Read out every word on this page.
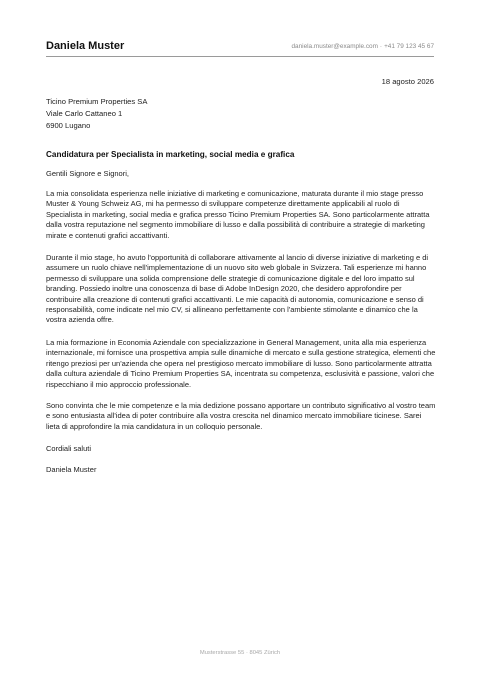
Daniela Muster	daniela.muster@example.com · +41 79 123 45 67
18 agosto 2026
Ticino Premium Properties SA
Viale Carlo Cattaneo 1
6900 Lugano
Candidatura per Specialista in marketing, social media e grafica

Gentili Signore e Signori,

La mia consolidata esperienza nelle iniziative di marketing e comunicazione, maturata durante il mio stage presso Muster & Young Schweiz AG, mi ha permesso di sviluppare competenze direttamente applicabili al ruolo di Specialista in marketing, social media e grafica presso Ticino Premium Properties SA. Sono particolarmente attratta dalla vostra reputazione nel segmento immobiliare di lusso e dalla possibilità di contribuire a strategie di marketing mirate e contenuti grafici accattivanti.

Durante il mio stage, ho avuto l'opportunità di collaborare attivamente al lancio di diverse iniziative di marketing e di assumere un ruolo chiave nell'implementazione di un nuovo sito web globale in Svizzera. Tali esperienze mi hanno permesso di sviluppare una solida comprensione delle strategie di comunicazione digitale e del loro impatto sul branding. Possiedo inoltre una conoscenza di base di Adobe InDesign 2020, che desidero approfondire per contribuire alla creazione di contenuti grafici accattivanti. Le mie capacità di autonomia, comunicazione e senso di responsabilità, come indicate nel mio CV, si allineano perfettamente con l'ambiente stimolante e dinamico che la vostra azienda offre.

La mia formazione in Economia Aziendale con specializzazione in General Management, unita alla mia esperienza internazionale, mi fornisce una prospettiva ampia sulle dinamiche di mercato e sulla gestione strategica, elementi che ritengo preziosi per un'azienda che opera nel prestigioso mercato immobiliare di lusso. Sono particolarmente attratta dalla cultura aziendale di Ticino Premium Properties SA, incentrata su competenza, esclusività e passione, valori che rispecchiano il mio approccio professionale.

Sono convinta che le mie competenze e la mia dedizione possano apportare un contributo significativo al vostro team e sono entusiasta all'idea di poter contribuire alla vostra crescita nel dinamico mercato immobiliare ticinese. Sarei lieta di approfondire la mia candidatura in un colloquio personale.

Cordiali saluti

Daniela Muster

Musterstrasse 55 · 8045 Zürich
